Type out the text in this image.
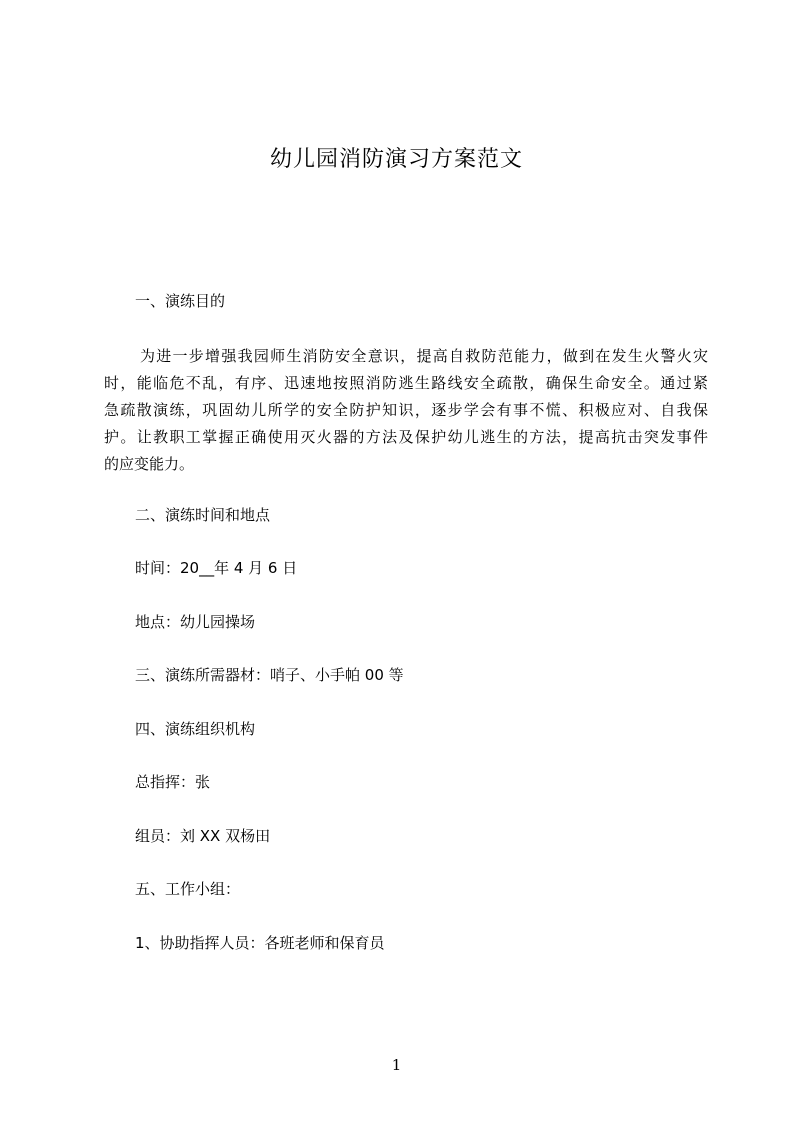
幼儿园消防演习方案范文
一、演练目的
为进一步增强我园师生消防安全意识，提高自救防范能力，做到在发生火警火灾
时，能临危不乱，有序、迅速地按照消防逃生路线安全疏散，确保生命安全。通过紧
急疏散演练，巩固幼儿所学的安全防护知识，逐步学会有事不慌、积极应对、自我保
护。让教职工掌握正确使用灭火器的方法及保护幼儿逃生的方法，提高抗击突发事件
的应变能力。
二、演练时间和地点
时间：20__年 4 月 6 日
地点：幼儿园操场
三、演练所需器材：哨子、小手帕 00 等
四、演练组织机构
总指挥：张
组员：刘 XX 双杨田
五、工作小组：
1、协助指挥人员：各班老师和保育员
1
